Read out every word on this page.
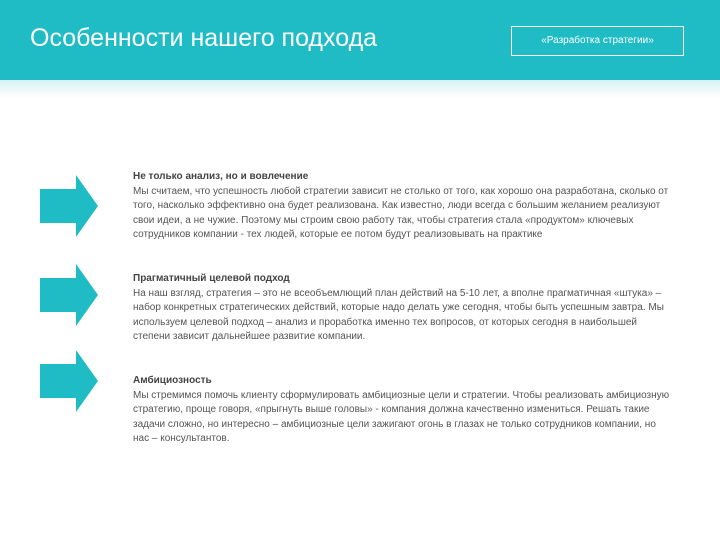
Особенности нашего подхода	«Разработка стратегии»
Не только анализ, но и вовлечение

Мы считаем, что успешность любой стратегии зависит не столько от того, как хорошо она разработана, сколько от того, насколько эффективно она будет реализована. Как известно, люди всегда с большим желанием реализуют свои идеи, а не чужие. Поэтому мы строим свою работу так, чтобы стратегия стала «продуктом» ключевых сотрудников компании - тех людей, которые ее потом будут реализовывать на практике

Прагматичный целевой подход

На наш взгляд, стратегия – это не всеобъемлющий план действий на 5-10 лет, а вполне прагматичная «штука» – набор конкретных стратегических действий, которые надо делать уже сегодня, чтобы быть успешным завтра. Мы используем целевой подход – анализ и проработка именно тех вопросов, от которых сегодня в наибольшей степени зависит дальнейшее развитие компании.

Амбициозность

Мы стремимся помочь клиенту сформулировать амбициозные цели и стратегии. Чтобы реализовать амбициозную стратегию, проще говоря, «прыгнуть выше головы» - компания должна качественно измениться. Решать такие задачи сложно, но интересно – амбициозные цели зажигают огонь в глазах не только сотрудников компании, но нас – консультантов.
